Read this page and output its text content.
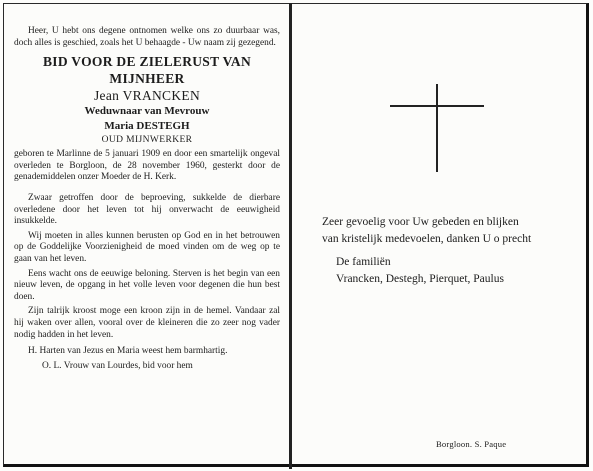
Heer, U hebt ons degene ontnomen welke ons zo duurbaar was, doch alles is geschied, zoals het U behaagde - Uw naam zij gezegend.

BID VOOR DE ZIELERUST VAN
MIJNHEER
Jean VRANCKEN
Weduwnaar van Mevrouw
Maria DESTEGH
OUD MIJNWERKER

geboren te Marlinne de 5 januari 1909 en door een smartelijk ongeval overleden te Borgloon, de 28 november 1960, gesterkt door de genademiddelen onzer Moeder de H. Kerk.

Zwaar getroffen door de beproeving, sukkelde de dierbare overledene door het leven tot hij onverwacht de eeuwigheid insukkelde.

Wij moeten in alles kunnen berusten op God en in het betrouwen op de Goddelijke Voorzienigheid de moed vinden om de weg op te gaan van het leven.

Eens wacht ons de eeuwige beloning. Sterven is het begin van een nieuw leven, de opgang in het volle leven voor degenen die hun best doen.

Zijn talrijk kroost moge een kroon zijn in de hemel. Vandaar zal hij waken over allen, vooral over de kleineren die zo zeer nog vader nodig hadden in het leven.

H. Harten van Jezus en Maria weest hem barmhartig.

O. L. Vrouw van Lourdes, bid voor hem

Zeer gevoelig voor Uw gebeden en blijken

van kristelijk medevoelen, danken U o precht

De familiën

Vrancken, Destegh, Pierquet, Paulus

Borgloon. S. Paque
